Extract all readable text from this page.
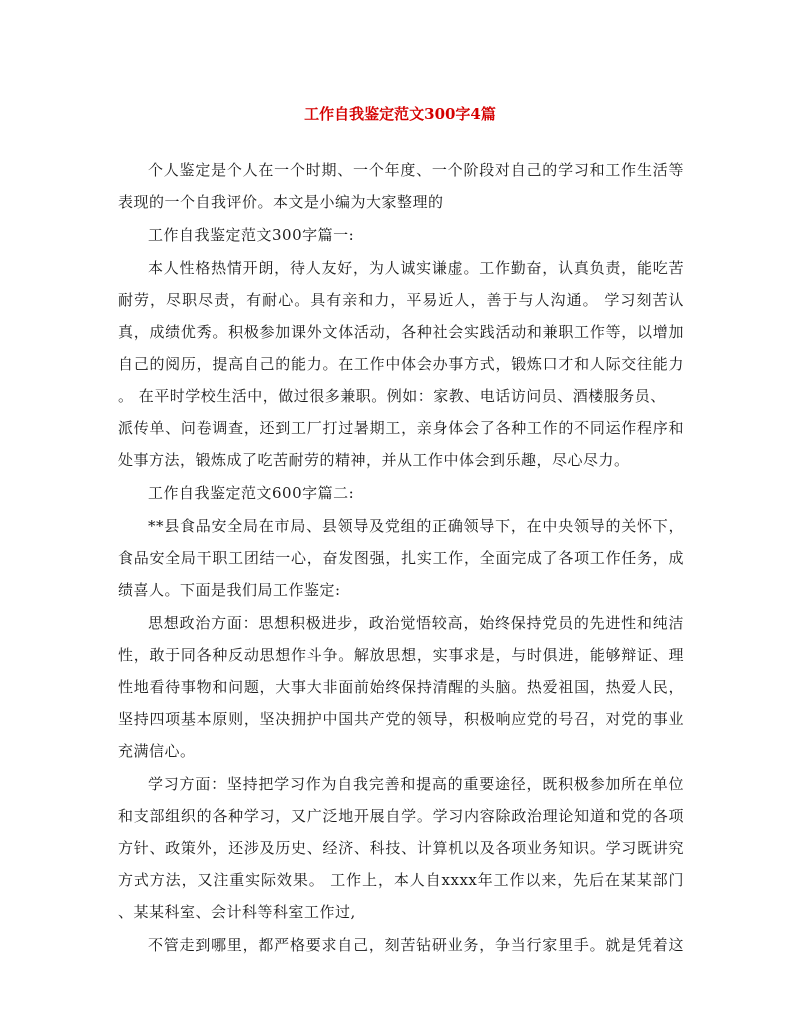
工作自我鉴定范文300字4篇

个人鉴定是个人在一个时期、一个年度、一个阶段对自己的学习和工作生活等

表现的一个自我评价。本文是小编为大家整理的

工作自我鉴定范文300字篇一:

本人性格热情开朗，待人友好，为人诚实谦虚。工作勤奋，认真负责，能吃苦

耐劳，尽职尽责，有耐心。具有亲和力，平易近人，善于与人沟通。 学习刻苦认

真，成绩优秀。积极参加课外文体活动，各种社会实践活动和兼职工作等，以增加

自己的阅历，提高自己的能力。在工作中体会办事方式，锻炼口才和人际交往能力

。 在平时学校生活中，做过很多兼职。例如：家教、电话访问员、酒楼服务员、

派传单、问卷调查，还到工厂打过暑期工，亲身体会了各种工作的不同运作程序和

处事方法，锻炼成了吃苦耐劳的精神，并从工作中体会到乐趣，尽心尽力。

工作自我鉴定范文600字篇二:

**县食品安全局在市局、县领导及党组的正确领导下，在中央领导的关怀下，

食品安全局干职工团结一心，奋发图强，扎实工作，全面完成了各项工作任务，成

绩喜人。下面是我们局工作鉴定:

思想政治方面：思想积极进步，政治觉悟较高，始终保持党员的先进性和纯洁

性，敢于同各种反动思想作斗争。解放思想，实事求是，与时俱进，能够辩证、理

性地看待事物和问题，大事大非面前始终保持清醒的头脑。热爱祖国，热爱人民，

坚持四项基本原则，坚决拥护中国共产党的领导，积极响应党的号召，对党的事业

充满信心。

学习方面：坚持把学习作为自我完善和提高的重要途径，既积极参加所在单位

和支部组织的各种学习，又广泛地开展自学。学习内容除政治理论知道和党的各项

方针、政策外，还涉及历史、经济、科技、计算机以及各项业务知识。学习既讲究

方式方法，又注重实际效果。 工作上，本人自xxxx年工作以来，先后在某某部门

、某某科室、会计科等科室工作过,

不管走到哪里，都严格要求自己，刻苦钻研业务，争当行家里手。就是凭着这
